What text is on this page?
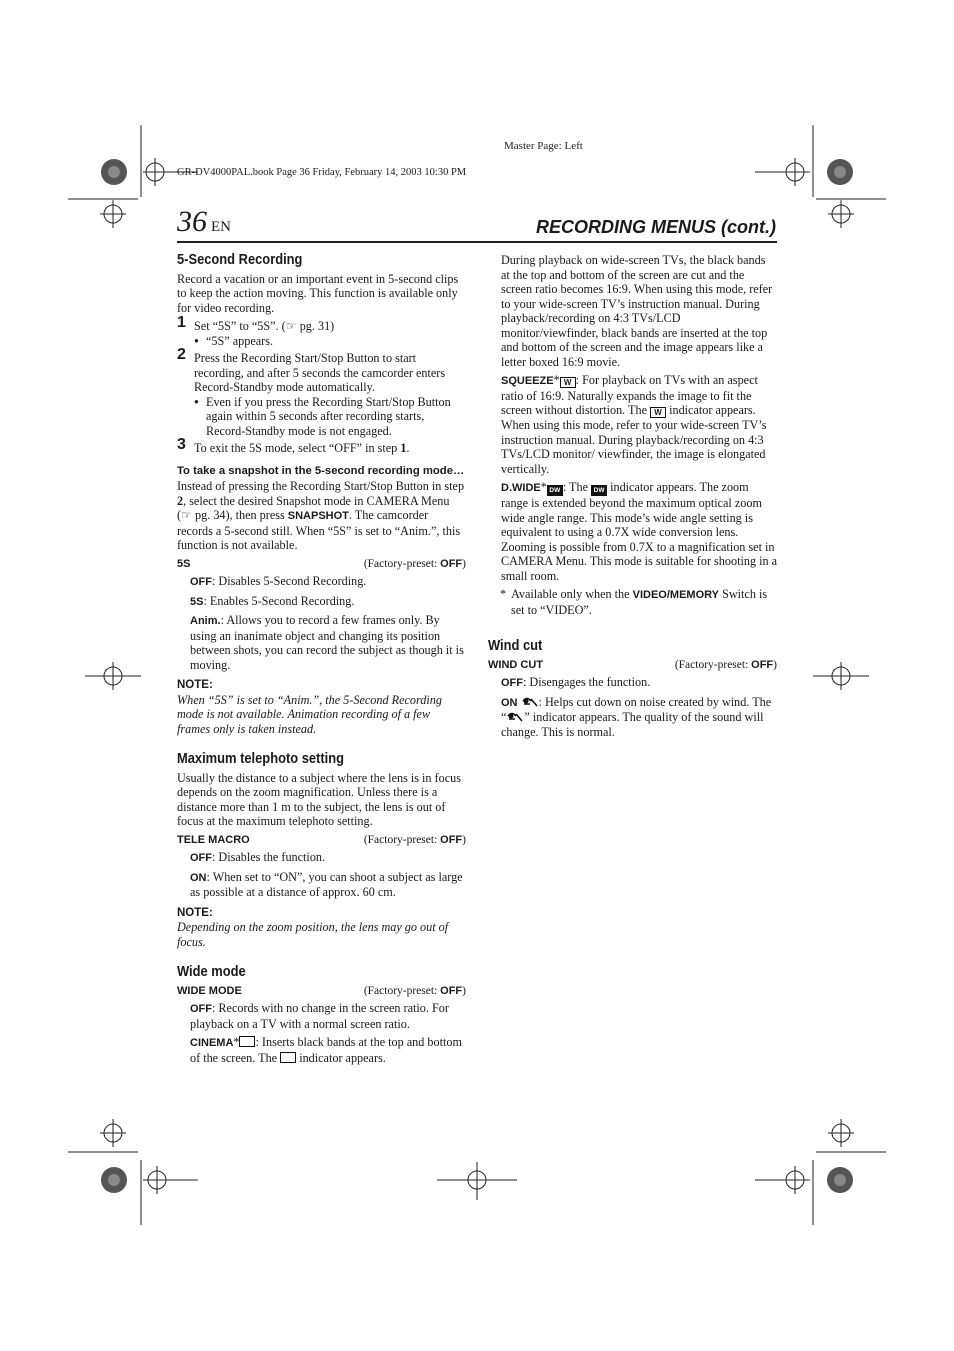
Master Page: Left
GR-DV4000PAL.book Page 36 Friday, February 14, 2003 10:30 PM
36 EN	RECORDING MENUS (cont.)
5-Second Recording

Record a vacation or an important event in 5-second clips to keep the action moving. This function is available only for video recording.

1 Set “5S” to “5S”. (☞ pg. 31)
● “5S” appears.
2 Press the Recording Start/Stop Button to start recording, and after 5 seconds the camcorder enters Record-Standby mode automatically.
● Even if you press the Recording Start/Stop Button again within 5 seconds after recording starts, Record-Standby mode is not engaged.
3 To exit the 5S mode, select “OFF” in step 1.
To take a snapshot in the 5-second recording mode…

Instead of pressing the Recording Start/Stop Button in step 2, select the desired Snapshot mode in CAMERA Menu (☞ pg. 34), then press SNAPSHOT. The camcorder records a 5-second still. When “5S” is set to “Anim.”, this function is not available.

5S	(Factory-preset: OFF)
OFF: Disables 5-Second Recording.
5S: Enables 5-Second Recording.
Anim.: Allows you to record a few frames only. By using an inanimate object and changing its position between shots, you can record the subject as though it is moving.
NOTE:

When “5S” is set to “Anim.”, the 5-Second Recording mode is not available. Animation recording of a few frames only is taken instead.

Maximum telephoto setting

Usually the distance to a subject where the lens is in focus depends on the zoom magnification. Unless there is a distance more than 1 m to the subject, the lens is out of focus at the maximum telephoto setting.

TELE MACRO	(Factory-preset: OFF)
OFF: Disables the function.
ON: When set to “ON”, you can shoot a subject as large as possible at a distance of approx. 60 cm.
NOTE:

Depending on the zoom position, the lens may go out of focus.

Wide mode
WIDE MODE	(Factory-preset: OFF)
OFF: Records with no change in the screen ratio. For playback on a TV with a normal screen ratio.
CINEMA* : Inserts black bands at the top and bottom of the screen. The  indicator appears.
During playback on wide-screen TVs, the black bands at the top and bottom of the screen are cut and the screen ratio becomes 16:9. When using this mode, refer to your wide-screen TV’s instruction manual. During playback/recording on 4:3 TVs/LCD monitor/viewfinder, black bands are inserted at the top and bottom of the screen and the image appears like a letter boxed 16:9 movie.
SQUEEZE* W : For playback on TVs with an aspect ratio of 16:9. Naturally expands the image to fit the screen without distortion. The W indicator appears. When using this mode, refer to your wide-screen TV’s instruction manual. During playback/recording on 4:3 TVs/LCD monitor/ viewfinder, the image is elongated vertically.
D.WIDE* DW : The DW indicator appears. The zoom range is extended beyond the maximum optical zoom wide angle range. This mode’s wide angle setting is equivalent to using a 0.7X wide conversion lens. Zooming is possible from 0.7X to a magnification set in CAMERA Menu. This mode is suitable for shooting in a small room.
* Available only when the VIDEO/MEMORY Switch is set to “VIDEO”.
Wind cut
WIND CUT	(Factory-preset: OFF)
OFF: Disengages the function.
ON : Helps cut down on noise created by wind. The “ ” indicator appears. The quality of the sound will change. This is normal.
